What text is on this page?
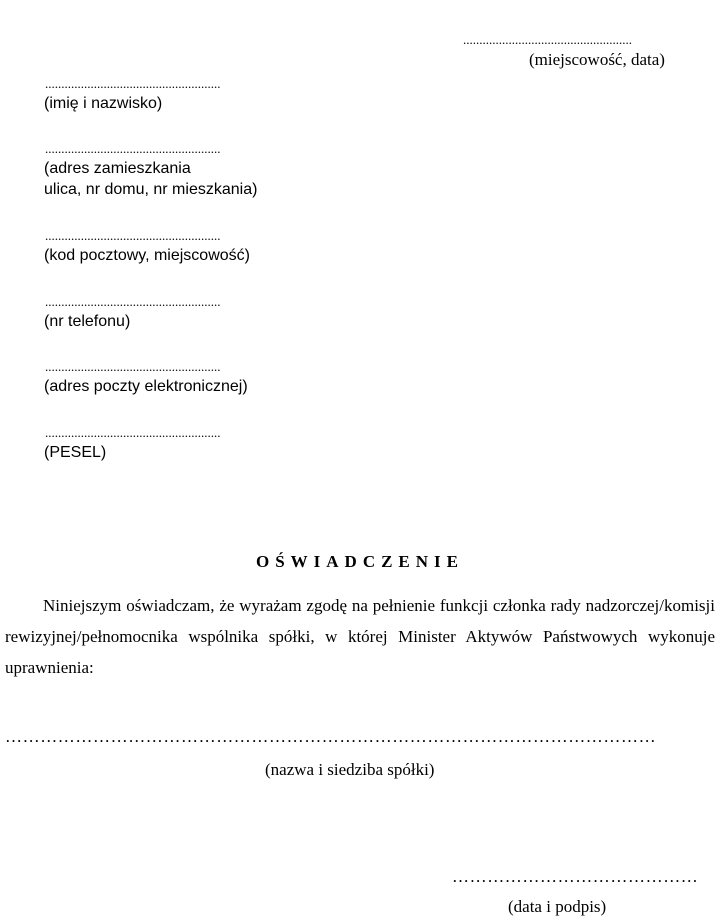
....................................................
(miejscowość, data)
......................................................
(imię i nazwisko)
......................................................
(adres zamieszkania
ulica, nr domu, nr mieszkania)
......................................................
(kod pocztowy, miejscowość)
......................................................
(nr telefonu)
......................................................
(adres poczty elektronicznej)
......................................................
(PESEL)
OŚWIADCZENIE
Niniejszym oświadczam, że wyrażam zgodę na pełnienie funkcji członka rady nadzorczej/komisji rewizyjnej/pełnomocnika wspólnika spółki, w której Minister Aktywów Państwowych wykonuje uprawnienia:
…………………………………………………………………………………………………
(nazwa i siedziba spółki)
……………………………………
(data i podpis)
